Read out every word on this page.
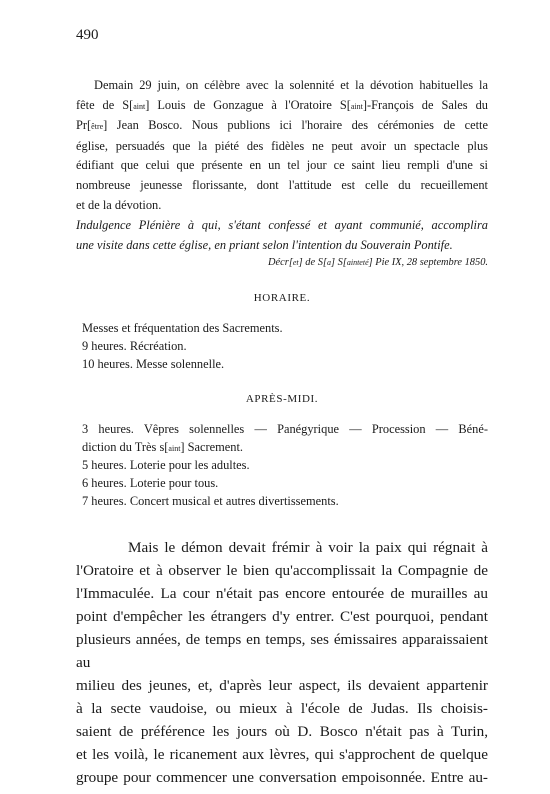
490

Demain 29 juin, on célèbre avec la solennité et la dévotion habituelles la
fête de S[aint] Louis de Gonzague à l'Oratoire S[aint]-François de Sales du
Pr[être] Jean Bosco. Nous publions ici l'horaire des cérémonies de cette
église, persuadés que la piété des fidèles ne peut avoir un spectacle plus
édifiant que celui que présente en un tel jour ce saint lieu rempli d'une si
nombreuse jeunesse florissante, dont l'attitude est celle du recueillement
et de la dévotion.

Indulgence Plénière à qui, s'étant confessé et ayant communié, accomplira
une visite dans cette église, en priant selon l'intention du Souverain Pontife.

Décr[et] de S[a] S[ainteté] Pie IX, 28 septembre 1850.

HORAIRE.
Messes et fréquentation des Sacrements.
9 heures. Récréation.
10 heures. Messe solennelle.
APRÈS-MIDI.
3 heures. Vêpres solennelles — Panégyrique — Procession — Béné-
diction du Très s[aint] Sacrement.
5 heures. Loterie pour les adultes.
6 heures. Loterie pour tous.
7 heures. Concert musical et autres divertissements.

Mais le démon devait frémir à voir la paix qui régnait à
l'Oratoire et à observer le bien qu'accomplissait la Compagnie de
l'Immaculée. La cour n'était pas encore entourée de murailles au
point d'empêcher les étrangers d'y entrer. C'est pourquoi, pendant
plusieurs années, de temps en temps, ses émissaires apparaissaient au
milieu des jeunes, et, d'après leur aspect, ils devaient appartenir
à la secte vaudoise, ou mieux à l'école de Judas. Ils choisis-
saient de préférence les jours où D. Bosco n'était pas à Turin,
et les voilà, le ricanement aux lèvres, qui s'approchent de quelque
groupe pour commencer une conversation empoisonnée. Entre au-
